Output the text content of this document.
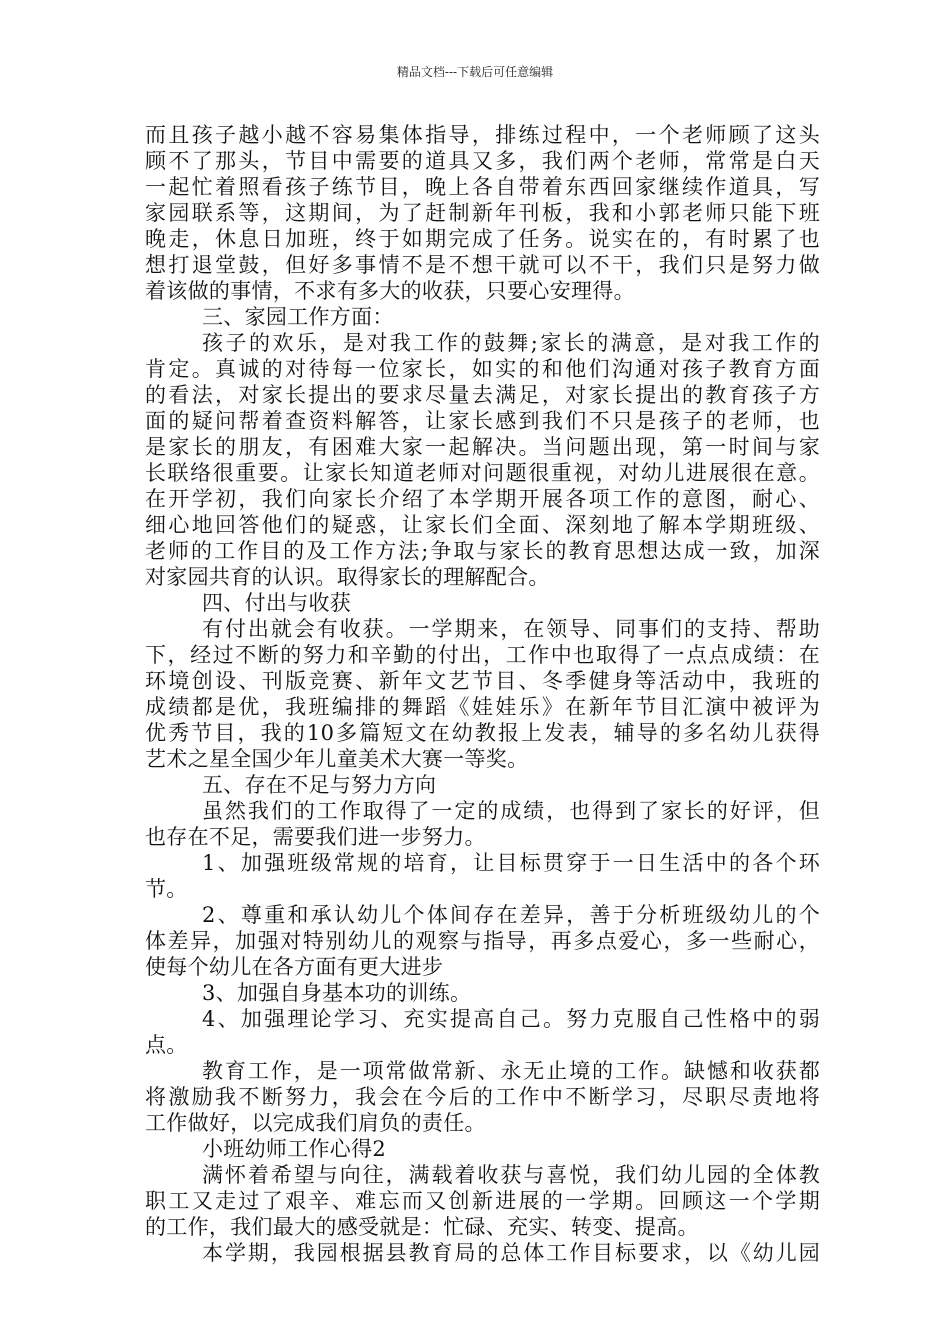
精品文档---下载后可任意编辑
而且孩子越小越不容易集体指导，排练过程中，一个老师顾了这头
顾不了那头，节目中需要的道具又多，我们两个老师，常常是白天
一起忙着照看孩子练节目，晚上各自带着东西回家继续作道具，写
家园联系等，这期间，为了赶制新年刊板，我和小郭老师只能下班
晚走，休息日加班，终于如期完成了任务。说实在的，有时累了也
想打退堂鼓，但好多事情不是不想干就可以不干，我们只是努力做
着该做的事情，不求有多大的收获，只要心安理得。
三、家园工作方面：
孩子的欢乐，是对我工作的鼓舞;家长的满意，是对我工作的
肯定。真诚的对待每一位家长，如实的和他们沟通对孩子教育方面
的看法，对家长提出的要求尽量去满足，对家长提出的教育孩子方
面的疑问帮着查资料解答，让家长感到我们不只是孩子的老师，也
是家长的朋友，有困难大家一起解决。当问题出现，第一时间与家
长联络很重要。让家长知道老师对问题很重视，对幼儿进展很在意。
在开学初，我们向家长介绍了本学期开展各项工作的意图，耐心、
细心地回答他们的疑惑，让家长们全面、深刻地了解本学期班级、
老师的工作目的及工作方法;争取与家长的教育思想达成一致，加深
对家园共育的认识。取得家长的理解配合。
四、付出与收获
有付出就会有收获。一学期来，在领导、同事们的支持、帮助
下，经过不断的努力和辛勤的付出，工作中也取得了一点点成绩：在
环境创设、刊版竞赛、新年文艺节目、冬季健身等活动中，我班的
成绩都是优，我班编排的舞蹈《娃娃乐》在新年节目汇演中被评为
优秀节目，我的10多篇短文在幼教报上发表，辅导的多名幼儿获得
艺术之星全国少年儿童美术大赛一等奖。
五、存在不足与努力方向
虽然我们的工作取得了一定的成绩，也得到了家长的好评，但
也存在不足，需要我们进一步努力。
1、加强班级常规的培育，让目标贯穿于一日生活中的各个环
节。
2、尊重和承认幼儿个体间存在差异，善于分析班级幼儿的个
体差异，加强对特别幼儿的观察与指导，再多点爱心，多一些耐心，
使每个幼儿在各方面有更大进步
3、加强自身基本功的训练。
4、加强理论学习、充实提高自己。努力克服自己性格中的弱
点。
教育工作，是一项常做常新、永无止境的工作。缺憾和收获都
将激励我不断努力，我会在今后的工作中不断学习，尽职尽责地将
工作做好，以完成我们肩负的责任。
小班幼师工作心得2
满怀着希望与向往，满载着收获与喜悦，我们幼儿园的全体教
职工又走过了艰辛、难忘而又创新进展的一学期。回顾这一个学期
的工作，我们最大的感受就是：忙碌、充实、转变、提高。
本学期，我园根据县教育局的总体工作目标要求，以《幼儿园
